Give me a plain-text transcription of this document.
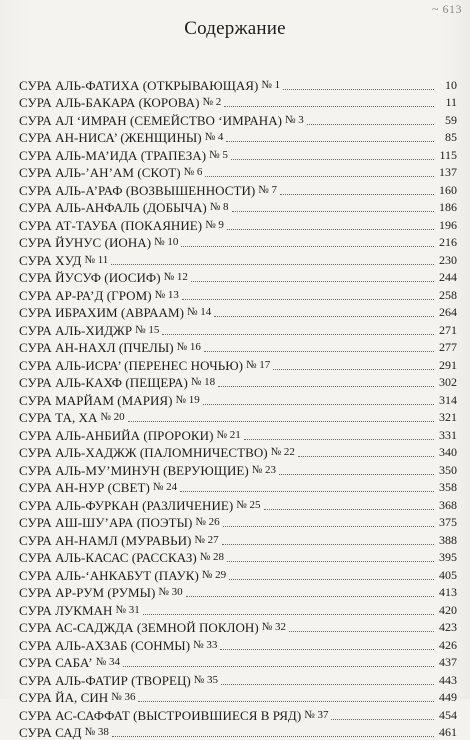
~ 613
Содержание
СУРА АЛЬ-ФАТИХА (ОТКРЫВАЮЩАЯ) № 1	10
СУРА АЛЬ-БАКАРА (КОРОВА) № 2	11
СУРА АЛ ‘ИМРАН (СЕМЕЙСТВО ‘ИМРАНА) № 3	59
СУРА АН-НИСА’ (ЖЕНЩИНЫ) № 4	85
СУРА АЛЬ-МА’ИДА (ТРАПЕЗА) № 5	115
СУРА АЛЬ-’АН’АМ (СКОТ) № 6	137
СУРА АЛЬ-А’РАФ (ВОЗВЫШЕННОСТИ) № 7	160
СУРА АЛЬ-АНФАЛЬ (ДОБЫЧА) № 8	186
СУРА АТ-ТАУБА (ПОКАЯНИЕ) № 9	196
СУРА ЙУНУС (ИОНА) № 10	216
СУРА ХУД № 11	230
СУРА ЙУСУФ (ИОСИФ) № 12	244
СУРА АР-РА’Д (ГРОМ) № 13	258
СУРА ИБРАХИМ (АВРААМ) № 14	264
СУРА АЛЬ-ХИДЖР № 15	271
СУРА АН-НАХЛ (ПЧЕЛЫ) № 16	277
СУРА АЛЬ-ИСРА’ (ПЕРЕНЕС НОЧЬЮ) № 17	291
СУРА АЛЬ-КАХФ (ПЕЩЕРА) № 18	302
СУРА МАРЙАМ (МАРИЯ) № 19	314
СУРА ТА, ХА № 20	321
СУРА АЛЬ-АНБИЙА (ПРОРОКИ) № 21	331
СУРА АЛЬ-ХАДЖЖ (ПАЛОМНИЧЕСТВО) № 22	340
СУРА АЛЬ-МУ’МИНУН (ВЕРУЮЩИЕ) № 23	350
СУРА АН-НУР (СВЕТ) № 24	358
СУРА АЛЬ-ФУРКАН (РАЗЛИЧЕНИЕ) № 25	368
СУРА АШ-ШУ’АРА (ПОЭТЫ) № 26	375
СУРА АН-НАМЛ (МУРАВЬИ) № 27	388
СУРА АЛЬ-КАСАС (РАССКАЗ) № 28	395
СУРА АЛЬ-‘АНКАБУТ (ПАУК) № 29	405
СУРА АР-РУМ (РУМЫ) № 30	413
СУРА ЛУКМАН № 31	420
СУРА АС-САДЖДА (ЗЕМНОЙ ПОКЛОН) № 32	423
СУРА АЛЬ-АХЗАБ (СОНМЫ) № 33	426
СУРА САБА’ № 34	437
СУРА АЛЬ-ФАТИР (ТВОРЕЦ) № 35	443
СУРА ЙА, СИН № 36	449
СУРА АС-САФФАТ (ВЫСТРОИВШИЕСЯ В РЯД) № 37	454
СУРА САД № 38	461
